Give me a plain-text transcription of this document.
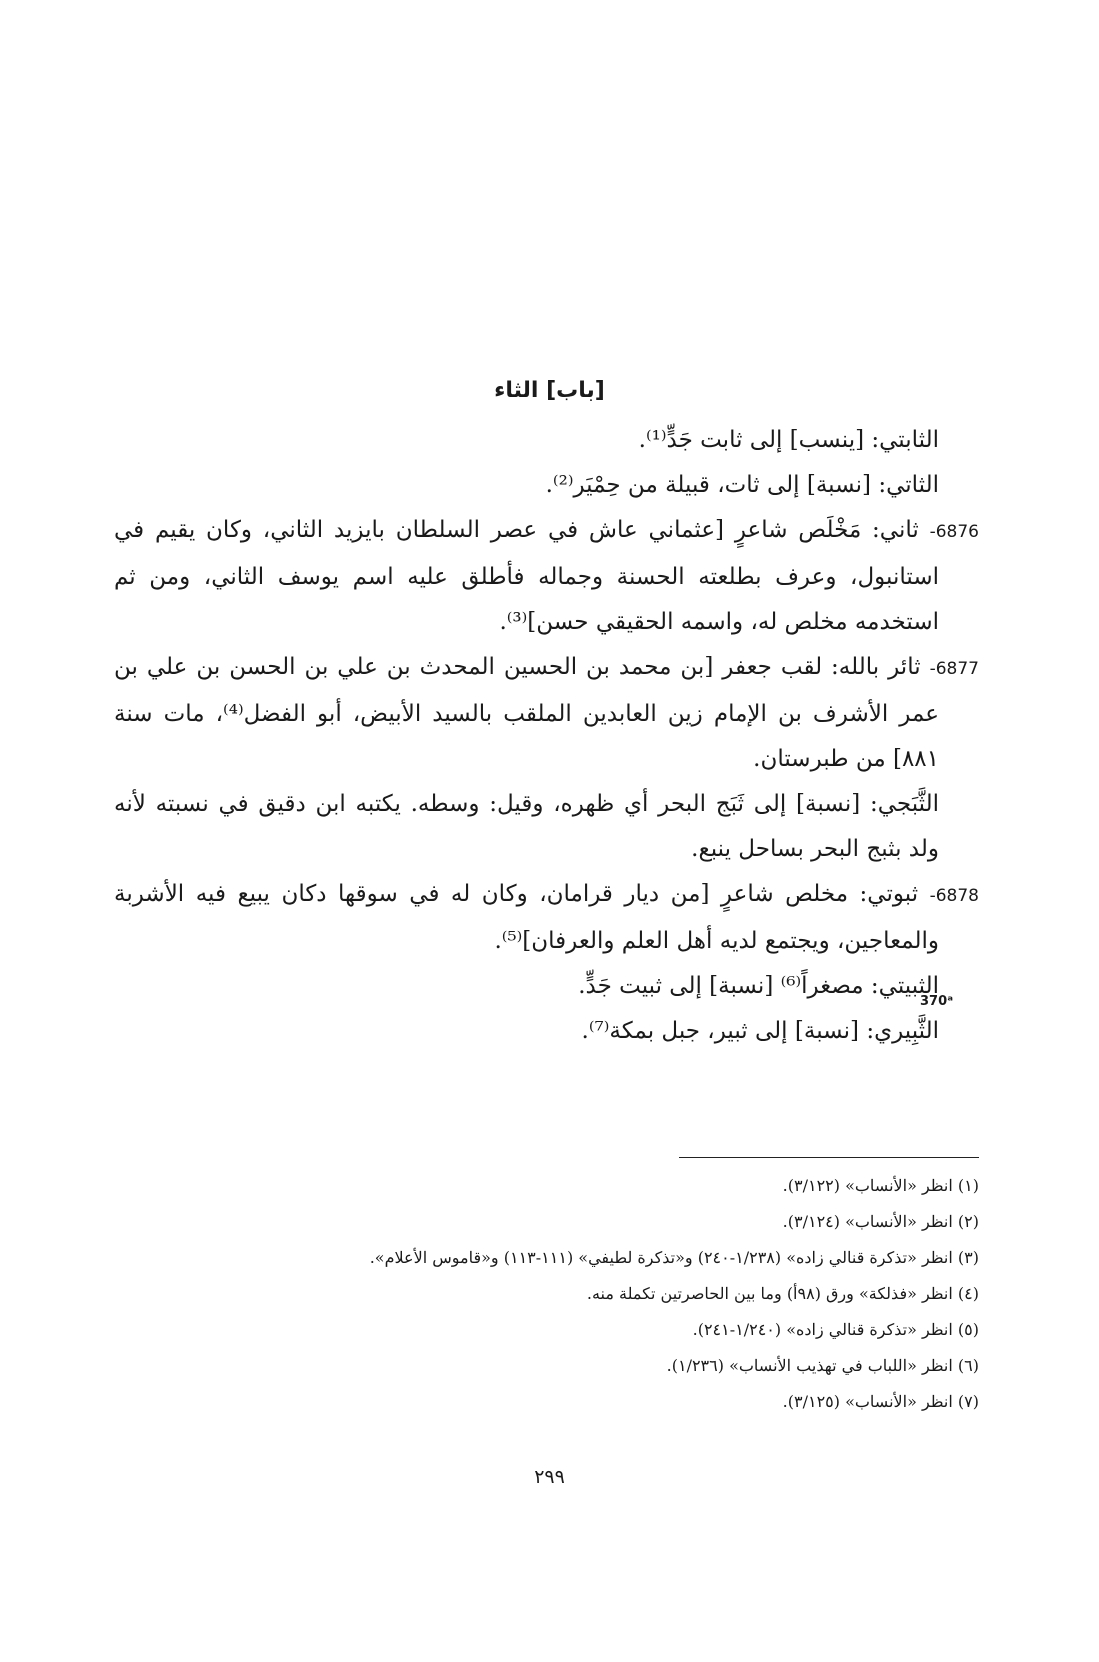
[باب] الثاء

الثابتي: [ينسب] إلى ثابت جَدٍّ⁽¹⁾.

الثاتي: [نسبة] إلى ثات، قبيلة من حِمْيَر⁽²⁾.

6876- ثاني: مَخْلَص شاعرٍ [عثماني عاش في عصر السلطان بايزيد الثاني، وكان يقيم في استانبول، وعرف بطلعته الحسنة وجماله فأطلق عليه اسم يوسف الثاني، ومن ثم استخدمه مخلص له، واسمه الحقيقي حسن]⁽³⁾.

6877- ثائر بالله: لقب جعفر [بن محمد بن الحسين المحدث بن علي بن الحسن بن علي بن عمر الأشرف بن الإمام زين العابدين الملقب بالسيد الأبيض، أبو الفضل⁽⁴⁾، مات سنة ٨٨١] من طبرستان.

الثَّبَجي: [نسبة] إلى ثَبَج البحر أي ظهره، وقيل: وسطه. يكتبه ابن دقيق في نسبته لأنه ولد بثبج البحر بساحل ينبع.

6878- ثبوتي: مخلص شاعرٍ [من ديار قرامان، وكان له في سوقها دكان يبيع فيه الأشربة والمعاجين، ويجتمع لديه أهل العلم والعرفان]⁽⁵⁾.

الثبيتي: مصغراً⁽⁶⁾ [نسبة] إلى ثبيت جَدٍّ.

الثَّبِيري: [نسبة] إلى ثبير، جبل بمكة⁽⁷⁾.

370ᵃ

(١) انظر «الأنساب» (٣/١٢٢).

(٢) انظر «الأنساب» (٣/١٢٤).

(٣) انظر «تذكرة قنالي زاده» (١/٢٣٨-٢٤٠) و«تذكرة لطيفي» (١١١-١١٣) و«قاموس الأعلام».

(٤) انظر «فذلكة» ورق (٩٨أ) وما بين الحاصرتين تكملة منه.

(٥) انظر «تذكرة قنالي زاده» (١/٢٤٠-٢٤١).

(٦) انظر «اللباب في تهذيب الأنساب» (١/٢٣٦).

(٧) انظر «الأنساب» (٣/١٢٥).

٢٩٩
